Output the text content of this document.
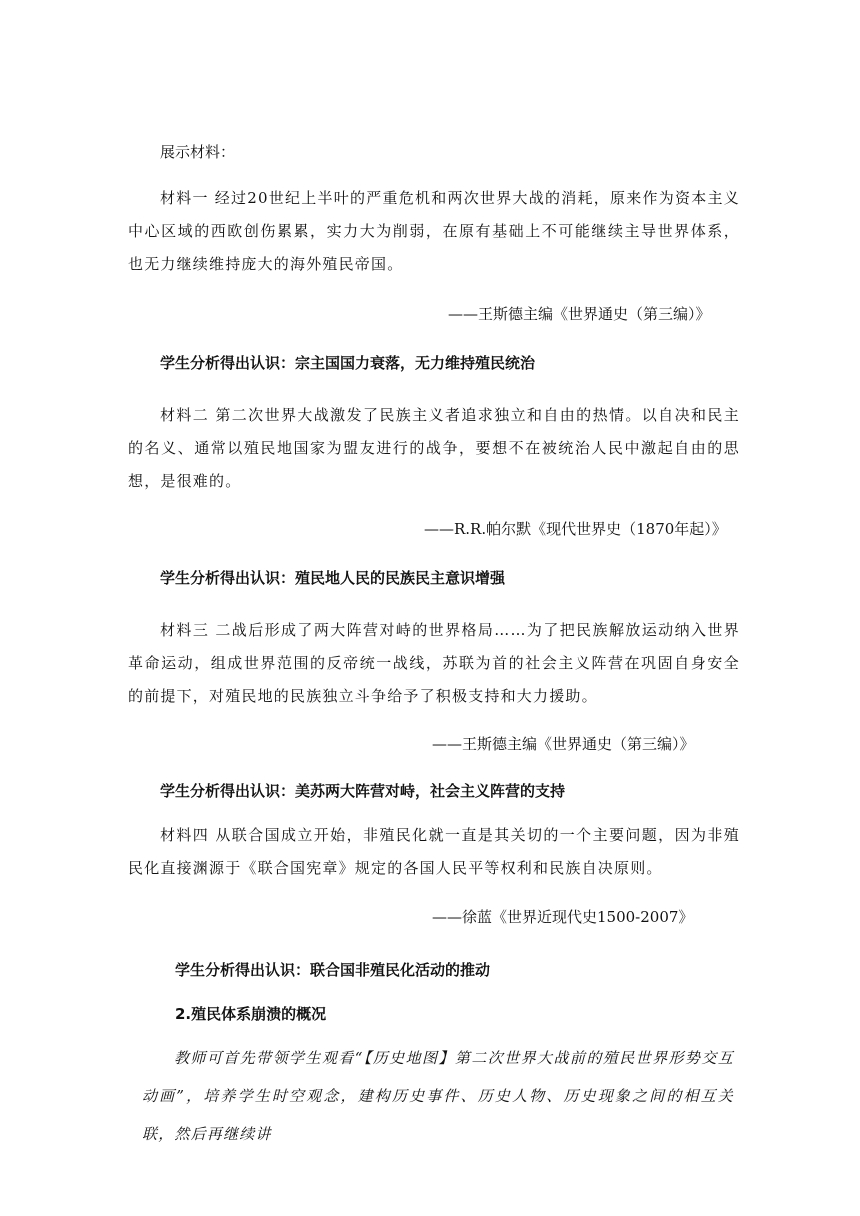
展示材料：
材料一 经过20世纪上半叶的严重危机和两次世界大战的消耗，原来作为资本主义中心区域的西欧创伤累累，实力大为削弱，在原有基础上不可能继续主导世界体系，也无力继续维持庞大的海外殖民帝国。
——王斯德主编《世界通史（第三编）》
学生分析得出认识：宗主国国力衰落，无力维持殖民统治
材料二 第二次世界大战激发了民族主义者追求独立和自由的热情。以自决和民主的名义、通常以殖民地国家为盟友进行的战争，要想不在被统治人民中激起自由的思想，是很难的。
——R.R.帕尔默《现代世界史（1870年起）》
学生分析得出认识：殖民地人民的民族民主意识增强
材料三 二战后形成了两大阵营对峙的世界格局……为了把民族解放运动纳入世界革命运动，组成世界范围的反帝统一战线，苏联为首的社会主义阵营在巩固自身安全的前提下，对殖民地的民族独立斗争给予了积极支持和大力援助。
——王斯德主编《世界通史（第三编）》
学生分析得出认识：美苏两大阵营对峙，社会主义阵营的支持
材料四 从联合国成立开始，非殖民化就一直是其关切的一个主要问题，因为非殖民化直接渊源于《联合国宪章》规定的各国人民平等权利和民族自决原则。
——徐蓝《世界近现代史1500-2007》
学生分析得出认识：联合国非殖民化活动的推动
2.殖民体系崩溃的概况
教师可首先带领学生观看“【历史地图】第二次世界大战前的殖民世界形势交互动画”，培养学生时空观念，建构历史事件、历史人物、历史现象之间的相互关联，然后再继续讲
